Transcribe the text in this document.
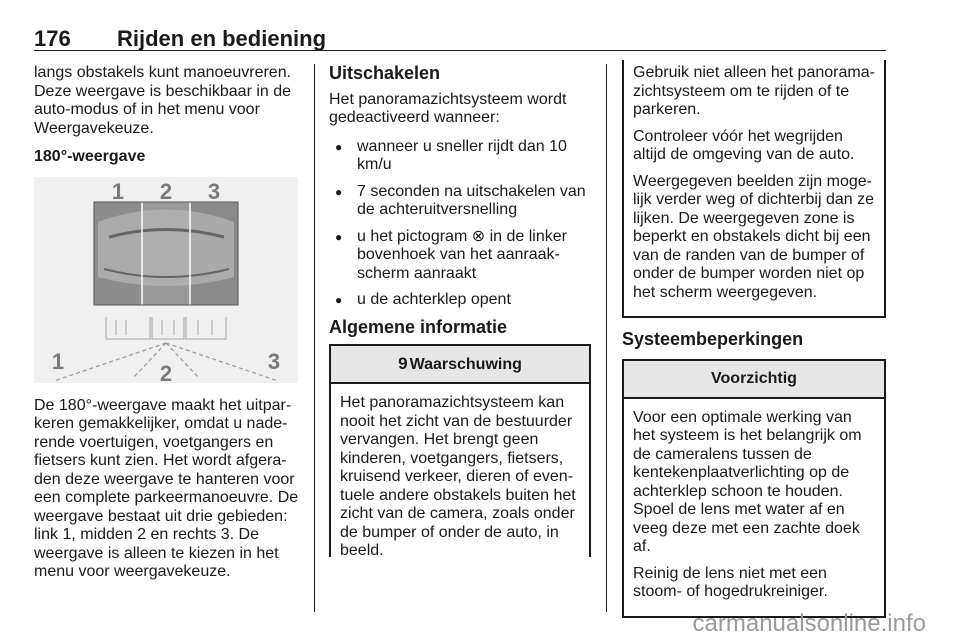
176 Rijden en bediening

langs obstakels kunt manoeuvreren. Deze weergave is beschikbaar in de auto-modus of in het menu voor Weergavekeuze.

180°-weergave
1 2 3
1	2	3

De 180°-weergave maakt het uitparkeren gemakkelijker, omdat u naderende voertuigen, voetgangers en fietsers kunt zien. Het wordt afgeraden deze weergave te hanteren voor een complete parkeermanoeuvre. De weergave bestaat uit drie gebieden: link 1, midden 2 en rechts 3. De weergave is alleen te kiezen in het menu voor weergavekeuze.

Uitschakelen

Het panoramazichtsysteem wordt gedeactiveerd wanneer:

● wanneer u sneller rijdt dan 10 km/u
● 7 seconden na uitschakelen van de achteruitversnelling
● u het pictogram ⊗ in de linker bovenhoek van het aanraakscherm aanraakt
● u de achterklep opent
Algemene informatie
9 Waarschuwing

Het panoramazichtsysteem kan nooit het zicht van de bestuurder vervangen. Het brengt geen kinderen, voetgangers, fietsers, kruisend verkeer, dieren of eventuele andere obstakels buiten het zicht van de camera, zoals onder de bumper of onder de auto, in beeld.

Gebruik niet alleen het panoramazichtsysteem om te rijden of te parkeren.

Controleer vóór het wegrijden altijd de omgeving van de auto.

Weergegeven beelden zijn mogelijk verder weg of dichterbij dan ze lijken. De weergegeven zone is beperkt en obstakels dicht bij een van de randen van de bumper of onder de bumper worden niet op het scherm weergegeven.

Systeembeperkingen
Voorzichtig

Voor een optimale werking van het systeem is het belangrijk om de cameralens tussen de kentekenplaatverlichting op de achterklep schoon te houden. Spoel de lens met water af en veeg deze met een zachte doek af.

Reinig de lens niet met een stoom- of hogedrukreiniger.

carmanualsonline.info
